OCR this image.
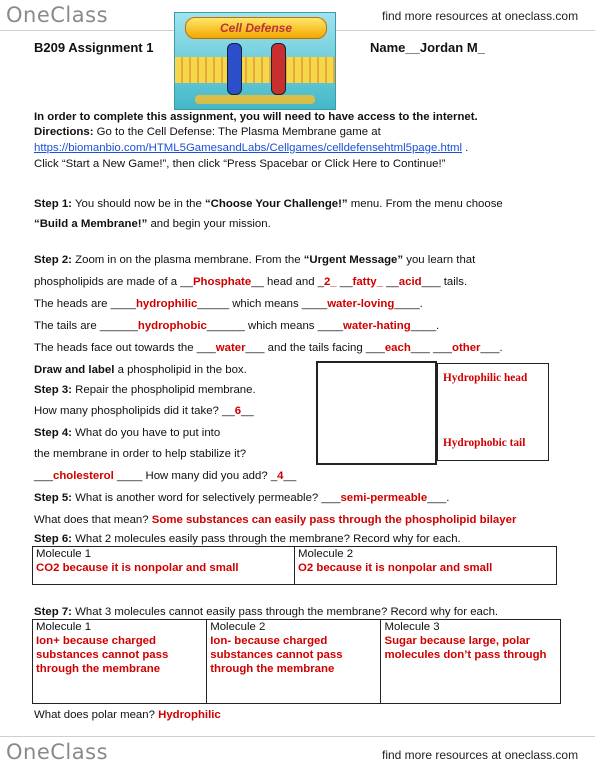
OneClass	find more resources at oneclass.com
B209 Assignment 1
Cell Defense
Name__Jordan M_
In order to complete this assignment, you will need to have access to the internet.
Directions: Go to the Cell Defense: The Plasma Membrane game at
https://biomanbio.com/HTML5GamesandLabs/Cellgames/celldefensehtml5page.html .
Click “Start a New Game!”, then click “Press Spacebar or Click Here to Continue!”
Step 1: You should now be in the “Choose Your Challenge!” menu. From the menu choose
“Build a Membrane!” and begin your mission.
Step 2: Zoom in on the plasma membrane. From the “Urgent Message” you learn that
phospholipids are made of a __Phosphate__ head and _2_ __fatty_ __acid___ tails.
The heads are ____hydrophilic_____ which means ____water-loving____.
The tails are ______hydrophobic______ which means ____water-hating____.
The heads face out towards the ___water___ and the tails facing ___each___ ___other___.
Draw and label a phospholipid in the box.
Hydrophilic head
Hydrophobic tail
Step 3: Repair the phospholipid membrane.
How many phospholipids did it take? __6__
Step 4: What do you have to put into
the membrane in order to help stabilize it?
___cholesterol ____ How many did you add? _4__
Step 5: What is another word for selectively permeable? ___semi-permeable___.
What does that mean? Some substances can easily pass through the phospholipid bilayer
Step 6: What 2 molecules easily pass through the membrane? Record why for each.
Molecule 1
CO2 because it is nonpolar and small

Molecule 2
O2 because it is nonpolar and small
Step 7: What 3 molecules cannot easily pass through the membrane? Record why for each.
Molecule 1
Ion+ because charged
substances cannot pass
through the membrane

Molecule 2
Ion- because charged
substances cannot pass
through the membrane

Molecule 3
Sugar because large, polar
molecules don’t pass through
What does polar mean? Hydrophilic
OneClass	find more resources at oneclass.com
